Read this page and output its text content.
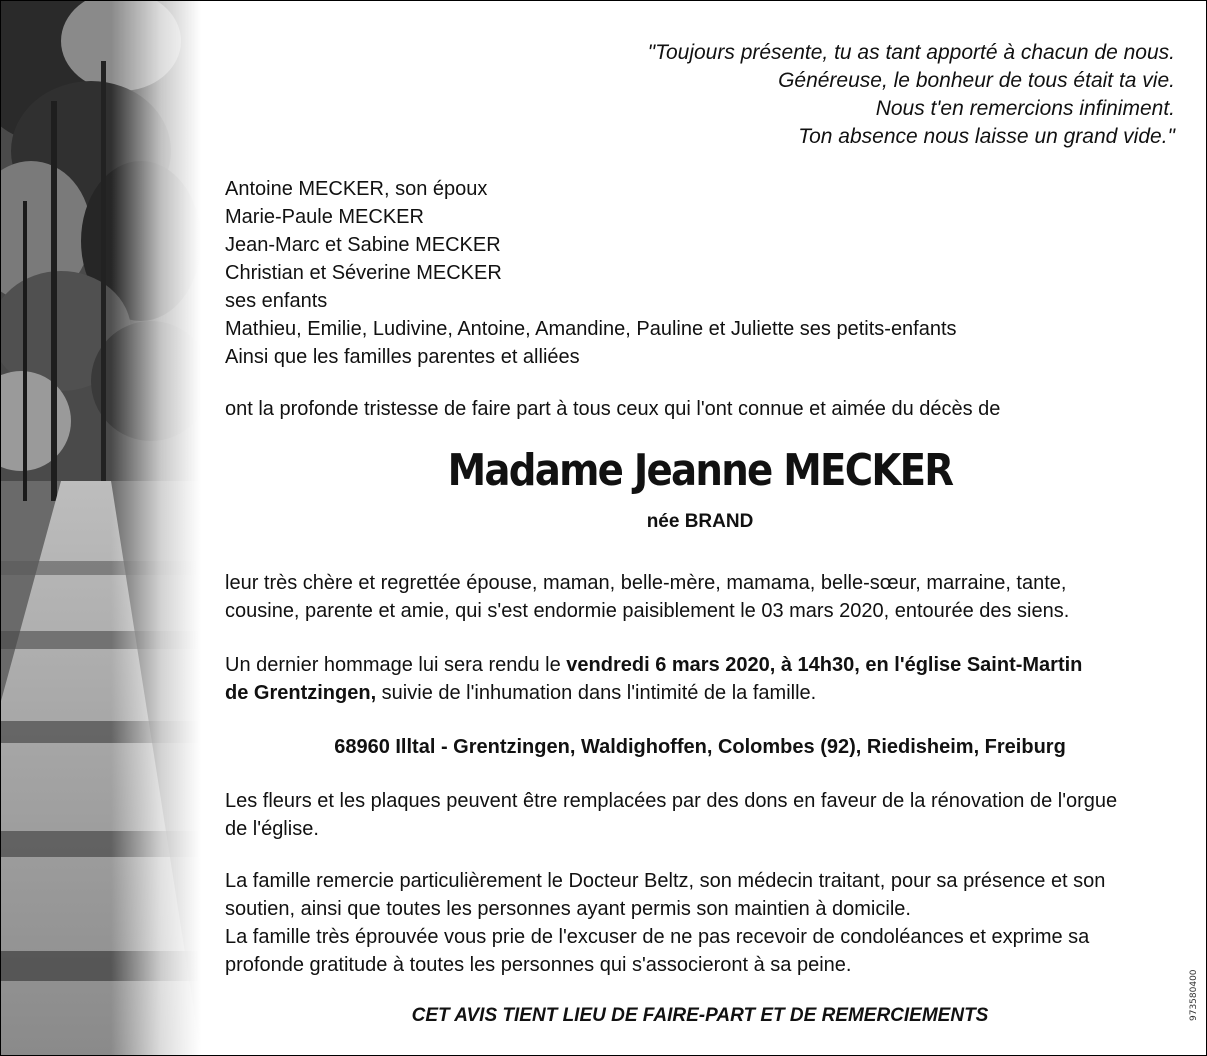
"Toujours présente, tu as tant apporté à chacun de nous.
Généreuse, le bonheur de tous était ta vie.
Nous t'en remercions infiniment.
Ton absence nous laisse un grand vide."
Antoine MECKER, son époux
Marie-Paule MECKER
Jean-Marc et Sabine MECKER
Christian et Séverine MECKER
ses enfants
Mathieu, Emilie, Ludivine, Antoine, Amandine, Pauline et Juliette ses petits-enfants
Ainsi que les familles parentes et alliées
ont la profonde tristesse de faire part à tous ceux qui l'ont connue et aimée du décès de
Madame Jeanne MECKER
née BRAND
leur très chère et regrettée épouse, maman, belle-mère, mamama, belle-sœur, marraine, tante,
cousine, parente et amie, qui s'est endormie paisiblement le 03 mars 2020, entourée des siens.
Un dernier hommage lui sera rendu le vendredi 6 mars 2020, à 14h30, en l'église Saint-Martin
de Grentzingen, suivie de l'inhumation dans l'intimité de la famille.
68960 Illtal - Grentzingen, Waldighoffen, Colombes (92), Riedisheim, Freiburg
Les fleurs et les plaques peuvent être remplacées par des dons en faveur de la rénovation de l'orgue
de l'église.
La famille remercie particulièrement le Docteur Beltz, son médecin traitant, pour sa présence et son
soutien, ainsi que toutes les personnes ayant permis son maintien à domicile.
La famille très éprouvée vous prie de l'excuser de ne pas recevoir de condoléances et exprime sa
profonde gratitude à toutes les personnes qui s'associeront à sa peine.
CET AVIS TIENT LIEU DE FAIRE-PART ET DE REMERCIEMENTS	973580400
